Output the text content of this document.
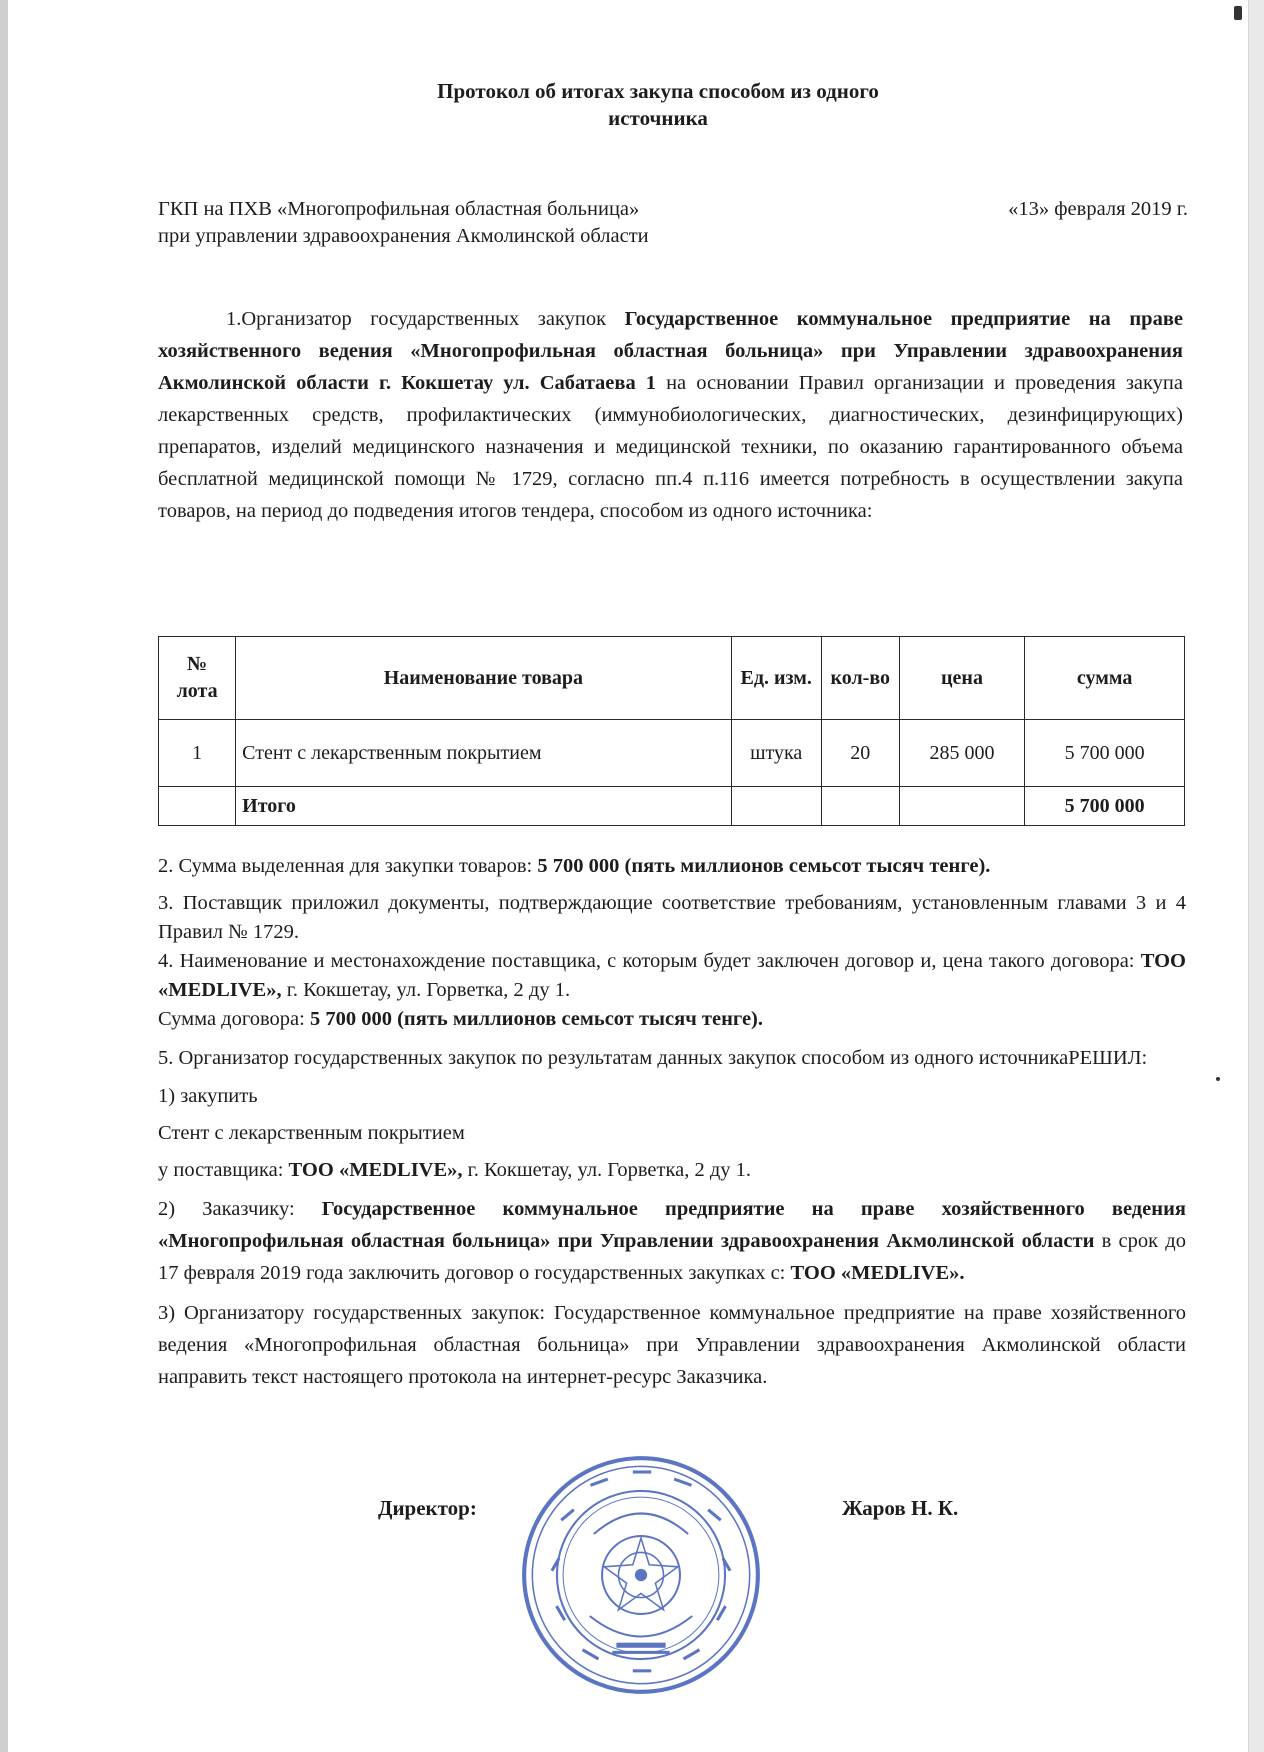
Протокол об итогах закупа способом из одного
источника
ГКП на ПХВ «Многопрофильная областная больница»
при управлении здравоохранения Акмолинской области
«13» февраля 2019 г.
1.Организатор государственных закупок Государственное коммунальное предприятие на праве хозяйственного ведения «Многопрофильная областная больница» при Управлении здравоохранения Акмолинской области г. Кокшетау ул. Сабатаева 1 на основании Правил организации и проведения закупа лекарственных средств, профилактических (иммунобиологических, диагностических, дезинфицирующих) препаратов, изделий медицинского назначения и медицинской техники, по оказанию гарантированного объема бесплатной медицинской помощи № 1729, согласно пп.4 п.116 имеется потребность в осуществлении закупа товаров, на период до подведения итогов тендера, способом из одного источника:
№ лота	Наименование товара	Ед. изм.	кол-во	цена	сумма
1	Стент с лекарственным покрытием	штука	20	285 000	5 700 000
	Итого				5 700 000

2. Сумма выделенная для закупки товаров: 5 700 000 (пять миллионов семьсот тысяч тенге).

3. Поставщик приложил документы, подтверждающие соответствие требованиям, установленным главами 3 и 4 Правил № 1729.

4. Наименование и местонахождение поставщика, с которым будет заключен договор и, цена такого договора: ТОО «MEDLIVE», г. Кокшетау, ул. Горветка, 2 ду 1.

Сумма договора: 5 700 000 (пять миллионов семьсот тысяч тенге).

5. Организатор государственных закупок по результатам данных закупок способом из одного источникаРЕШИЛ:

1) закупить

Стент с лекарственным покрытием

у поставщика: ТОО «MEDLIVE», г. Кокшетау, ул. Горветка, 2 ду 1.

2) Заказчику: Государственное коммунальное предприятие на праве хозяйственного ведения «Многопрофильная областная больница» при Управлении здравоохранения Акмолинской области в срок до 17 февраля 2019 года заключить договор о государственных закупках с: ТОО «MEDLIVE».

3) Организатору государственных закупок: Государственное коммунальное предприятие на праве хозяйственного ведения «Многопрофильная областная больница» при Управлении здравоохранения Акмолинской области направить текст настоящего протокола на интернет-ресурс Заказчика.

Директор:	Жаров Н. К.
